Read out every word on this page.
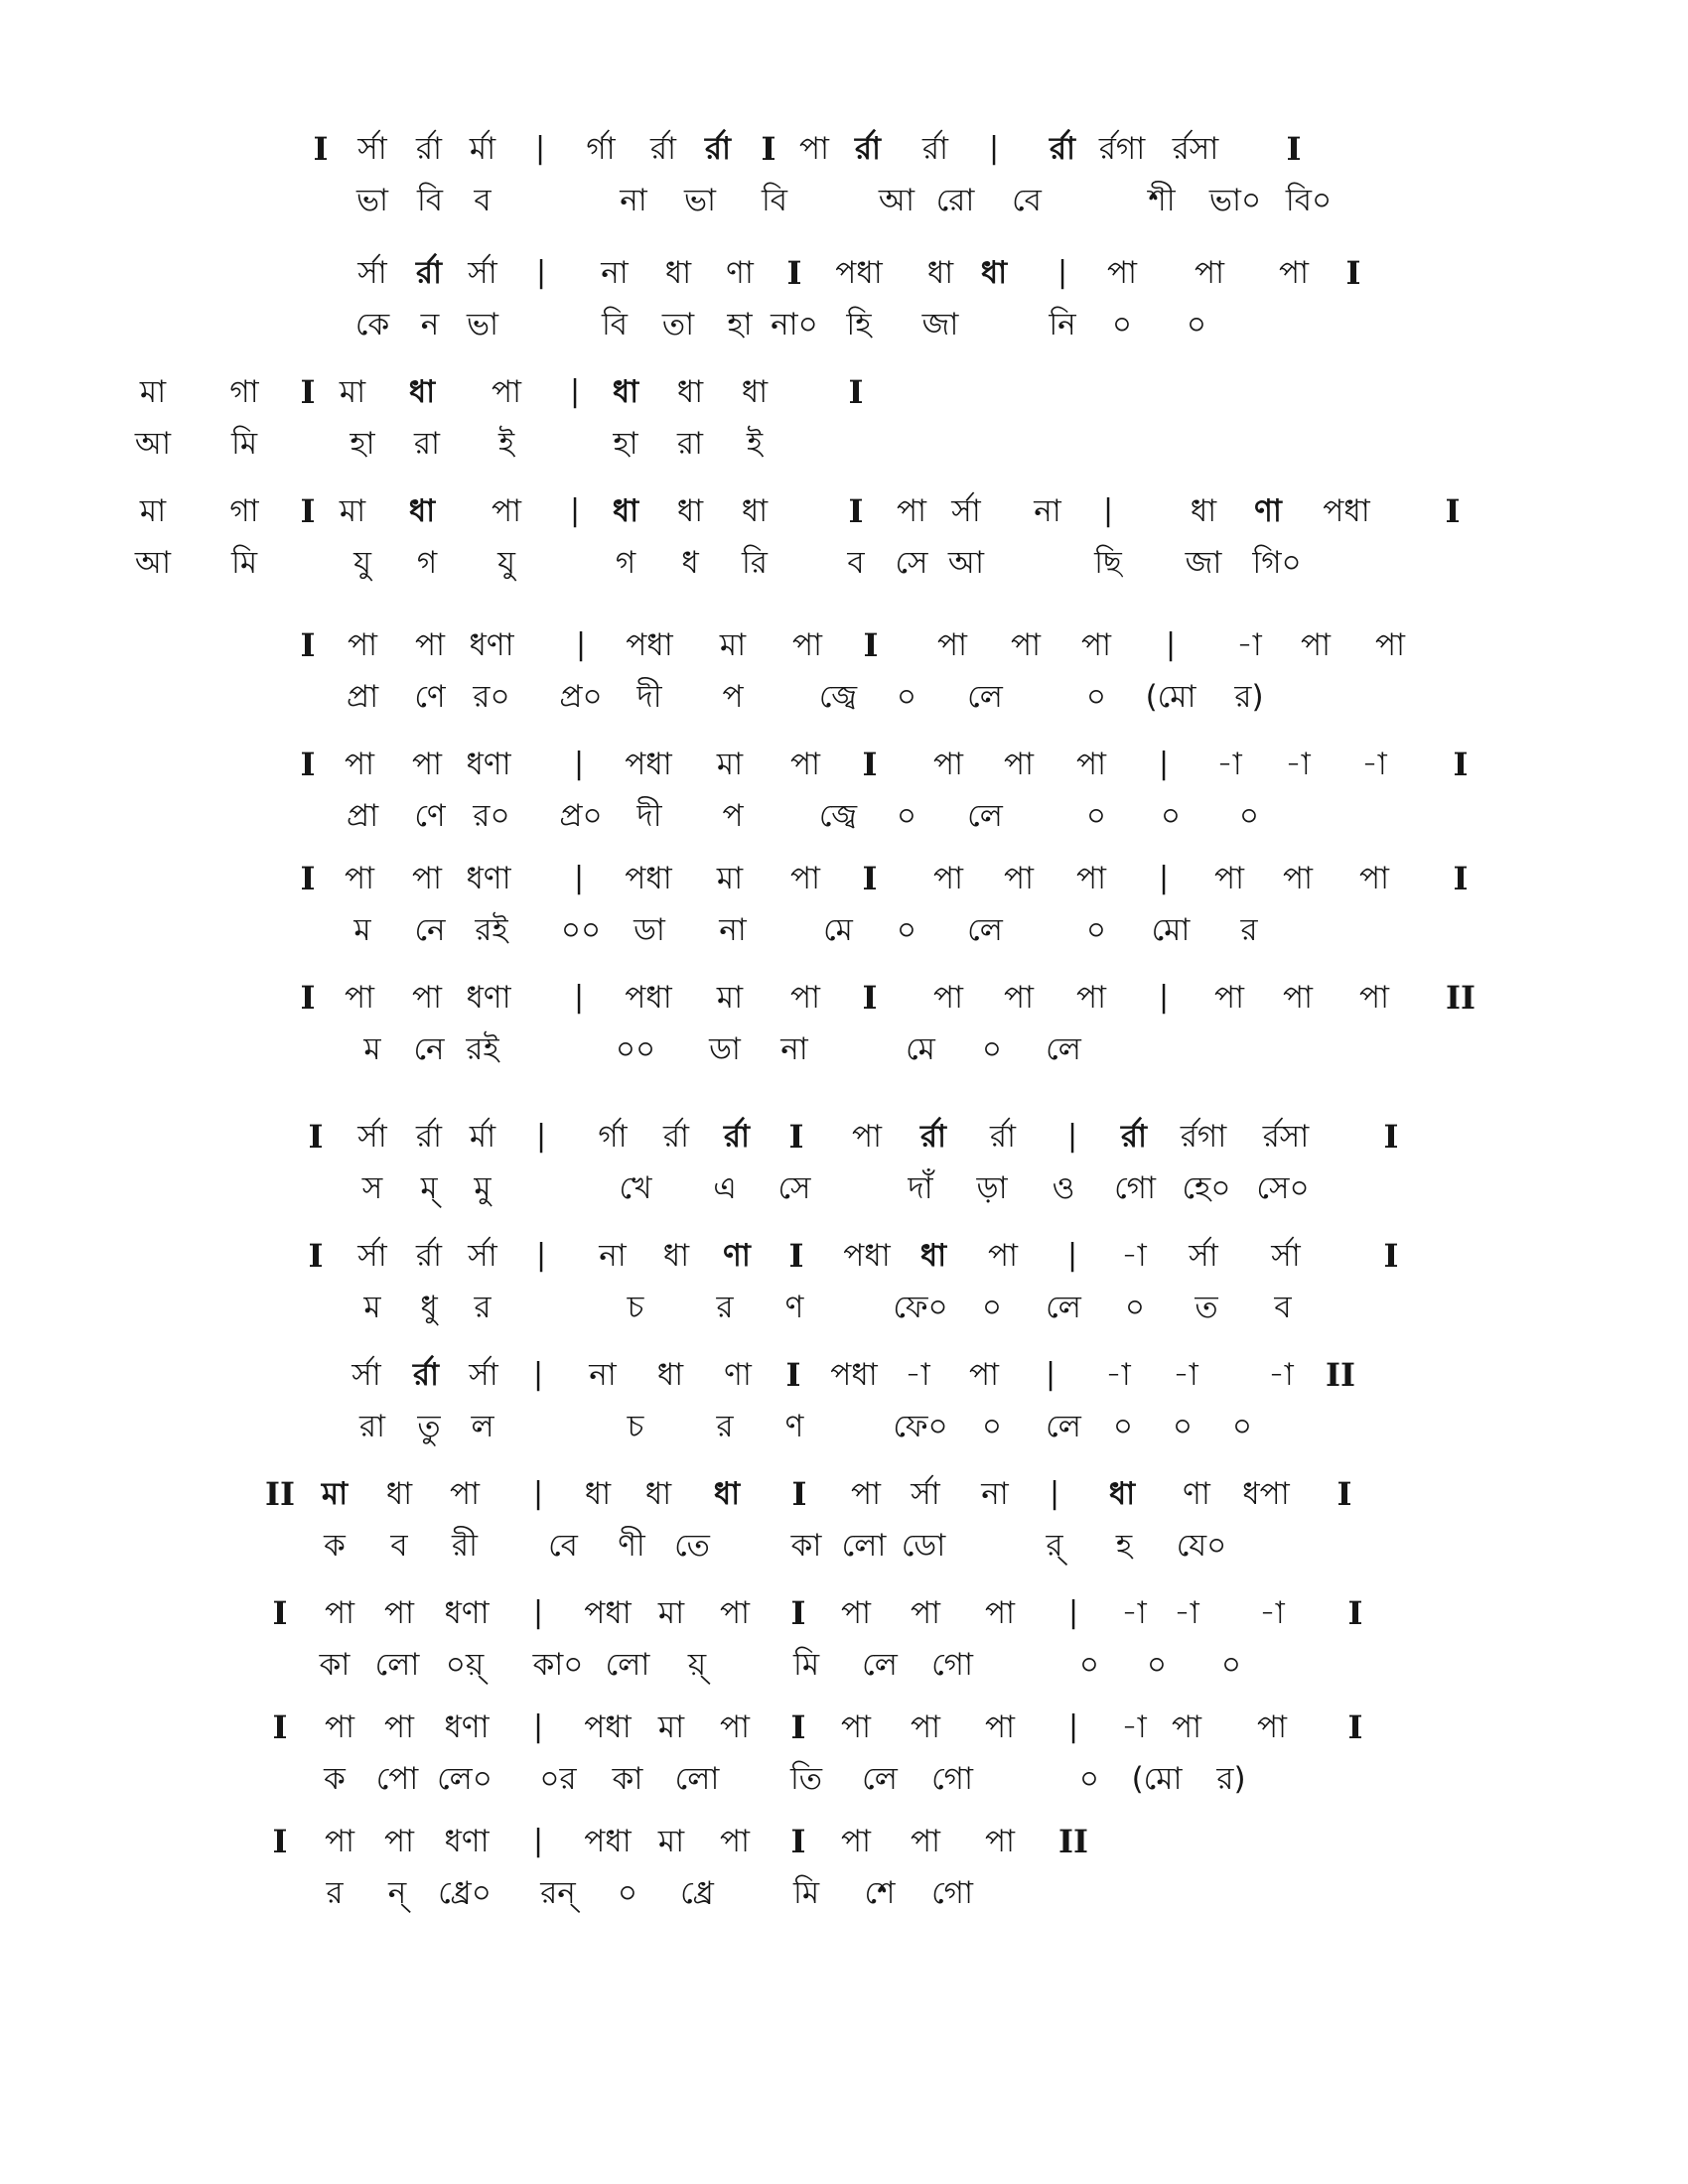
I র্সা র্রা র্মা | র্গা র্রা র্রা I পা র্রা র্রা | র্রা র্রগা র্রসা I
ভা বি ব	না ভা বি	আ রো বে	শী ভা০ বি০
র্সা র্রা র্সা | না ধা ণা I পধা ধা ধা | পা পা পা I
কে ন ভা	বি তা হা না০ হি জা	নি ০ ০
মা গা I মা ধা পা | ধা ধা ধা	I
আ মি	হা রা ই	হা রা ই
মা গা I মা ধা পা | ধা ধা ধা	I পা র্সা না |	ধা ণা পধা I
আ মি	যু গ যু	গ ধ রি	ব সে আ	ছি জা গি০
I পা পা ধণা | পধা মা পা I পা পা পা | -া পা পা
প্রা ণে র০ প্র০ দী প জ্বে ০ লে	০ (মো র)
I পা পা ধণা | পধা মা পা I পা পা পা | -া -া -া I
প্রা ণে র০ প্র০ দী প জ্বে ০ লে	০ ০ ০
I পা পা ধণা | পধা মা পা I পা পা পা | পা পা পা I
ম নে রই ০০ ডা না মে ০ লে	০ মো র
I পা পা ধণা | পধা মা পা I পা পা পা | পা পা পা II
ম নে রই	০০ ডা না	মে ০ লে
I র্সা র্রা র্মা | র্গা র্রা র্রা I পা র্রা র্রা | র্রা র্রগা র্রসা I
স ম্ মু	খে এ সে	দাঁ ড়া ও গো হে০ সে০
I র্সা র্রা র্সা | না ধা ণা I পধা ধা পা | -া র্সা র্সা	I
ম ধু র	চ র ণ	ফে০ ০ লে ০ ত ব
র্সা র্রা র্সা | না ধা ণা I পধা -া পা | -া -া -া II
রা তু ল	চ র ণ	ফে০ ০ লে ০ ০ ০
II মা ধা পা | ধা ধা ধা I পা র্সা না | ধা ণা ধপা I
ক ব রী বে ণী তে	কা লো ডো	র্ হ যে০
I পা পা ধণা | পধা মা পা I পা পা পা | -া -া -া I
কা লো ০য়্ কা০ লো য়্	মি লে গো	০ ০ ০
I পা পা ধণা | পধা মা পা I পা পা পা | -া পা পা I
ক পো লে০ ০র কা লো তি লে গো	০ (মো র)
I পা পা ধণা | পধা মা পা I পা পা পা II
র ন্ ধ্রে০ রন্ ০ ধ্রে	মি শে গো
